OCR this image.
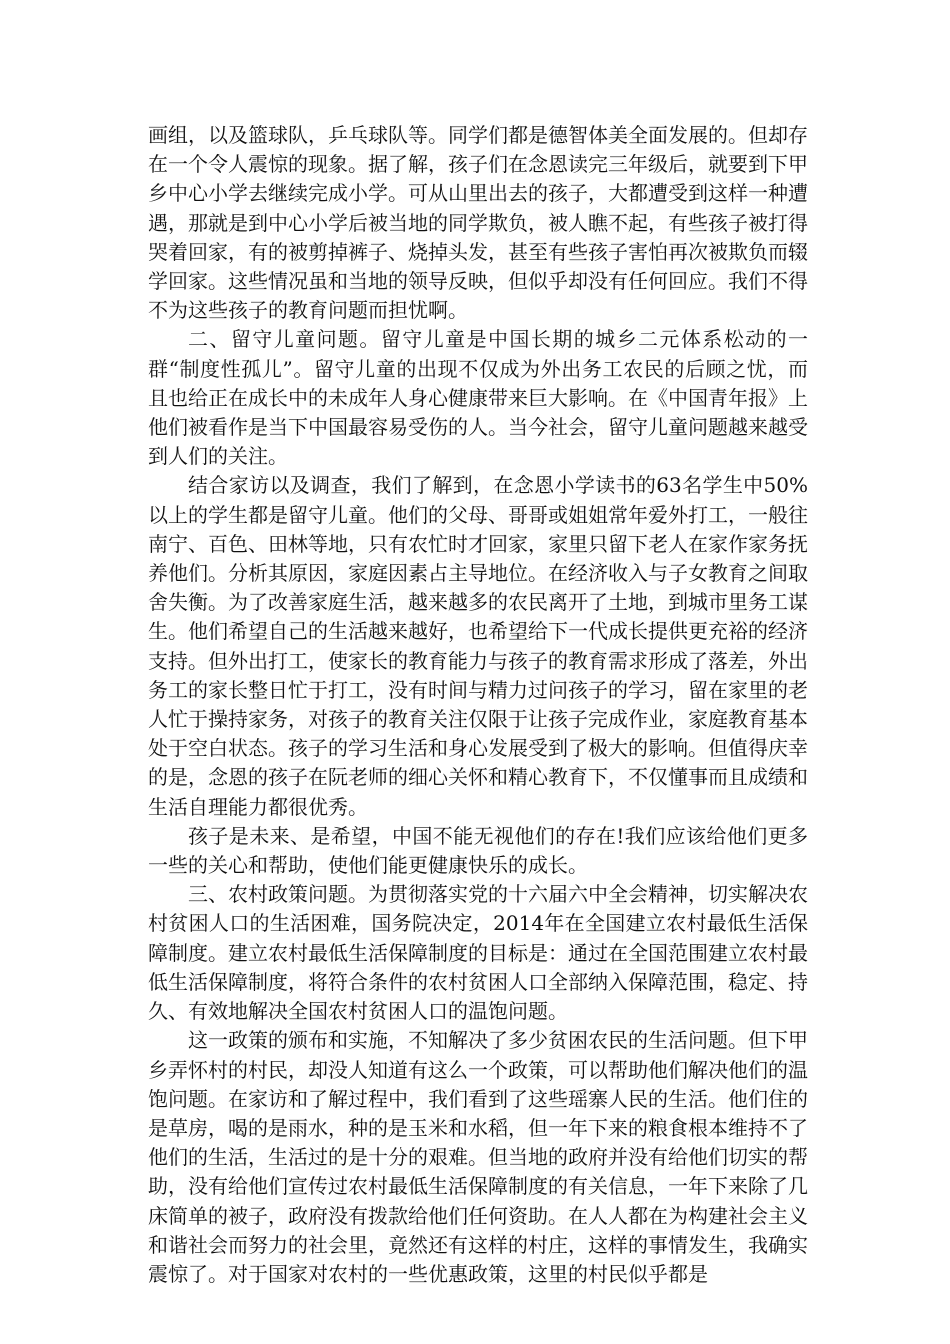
画组，以及篮球队，乒乓球队等。同学们都是德智体美全面发展的。但却存在一个令人震惊的现象。据了解，孩子们在念恩读完三年级后，就要到下甲乡中心小学去继续完成小学。可从山里出去的孩子，大都遭受到这样一种遭遇，那就是到中心小学后被当地的同学欺负，被人瞧不起，有些孩子被打得哭着回家，有的被剪掉裤子、烧掉头发，甚至有些孩子害怕再次被欺负而辍学回家。这些情况虽和当地的领导反映，但似乎却没有任何回应。我们不得不为这些孩子的教育问题而担忧啊。

二、留守儿童问题。留守儿童是中国长期的城乡二元体系松动的一群“制度性孤儿”。留守儿童的出现不仅成为外出务工农民的后顾之忧，而且也给正在成长中的未成年人身心健康带来巨大影响。在《中国青年报》上他们被看作是当下中国最容易受伤的人。当今社会，留守儿童问题越来越受到人们的关注。

结合家访以及调查，我们了解到，在念恩小学读书的63名学生中50%以上的学生都是留守儿童。他们的父母、哥哥或姐姐常年爱外打工，一般往南宁、百色、田林等地，只有农忙时才回家，家里只留下老人在家作家务抚养他们。分析其原因，家庭因素占主导地位。在经济收入与子女教育之间取舍失衡。为了改善家庭生活，越来越多的农民离开了土地，到城市里务工谋生。他们希望自己的生活越来越好，也希望给下一代成长提供更充裕的经济支持。但外出打工，使家长的教育能力与孩子的教育需求形成了落差，外出务工的家长整日忙于打工，没有时间与精力过问孩子的学习，留在家里的老人忙于操持家务，对孩子的教育关注仅限于让孩子完成作业，家庭教育基本处于空白状态。孩子的学习生活和身心发展受到了极大的影响。但值得庆幸的是，念恩的孩子在阮老师的细心关怀和精心教育下，不仅懂事而且成绩和生活自理能力都很优秀。

孩子是未来、是希望，中国不能无视他们的存在!我们应该给他们更多一些的关心和帮助，使他们能更健康快乐的成长。

三、农村政策问题。为贯彻落实党的十六届六中全会精神，切实解决农村贫困人口的生活困难，国务院决定，2014年在全国建立农村最低生活保障制度。建立农村最低生活保障制度的目标是：通过在全国范围建立农村最低生活保障制度，将符合条件的农村贫困人口全部纳入保障范围，稳定、持久、有效地解决全国农村贫困人口的温饱问题。

这一政策的颁布和实施，不知解决了多少贫困农民的生活问题。但下甲乡弄怀村的村民，却没人知道有这么一个政策，可以帮助他们解决他们的温饱问题。在家访和了解过程中，我们看到了这些瑶寨人民的生活。他们住的是草房，喝的是雨水，种的是玉米和水稻，但一年下来的粮食根本维持不了他们的生活，生活过的是十分的艰难。但当地的政府并没有给他们切实的帮助，没有给他们宣传过农村最低生活保障制度的有关信息，一年下来除了几床简单的被子，政府没有拨款给他们任何资助。在人人都在为构建社会主义和谐社会而努力的社会里，竟然还有这样的村庄，这样的事情发生，我确实震惊了。对于国家对农村的一些优惠政策，这里的村民似乎都是
